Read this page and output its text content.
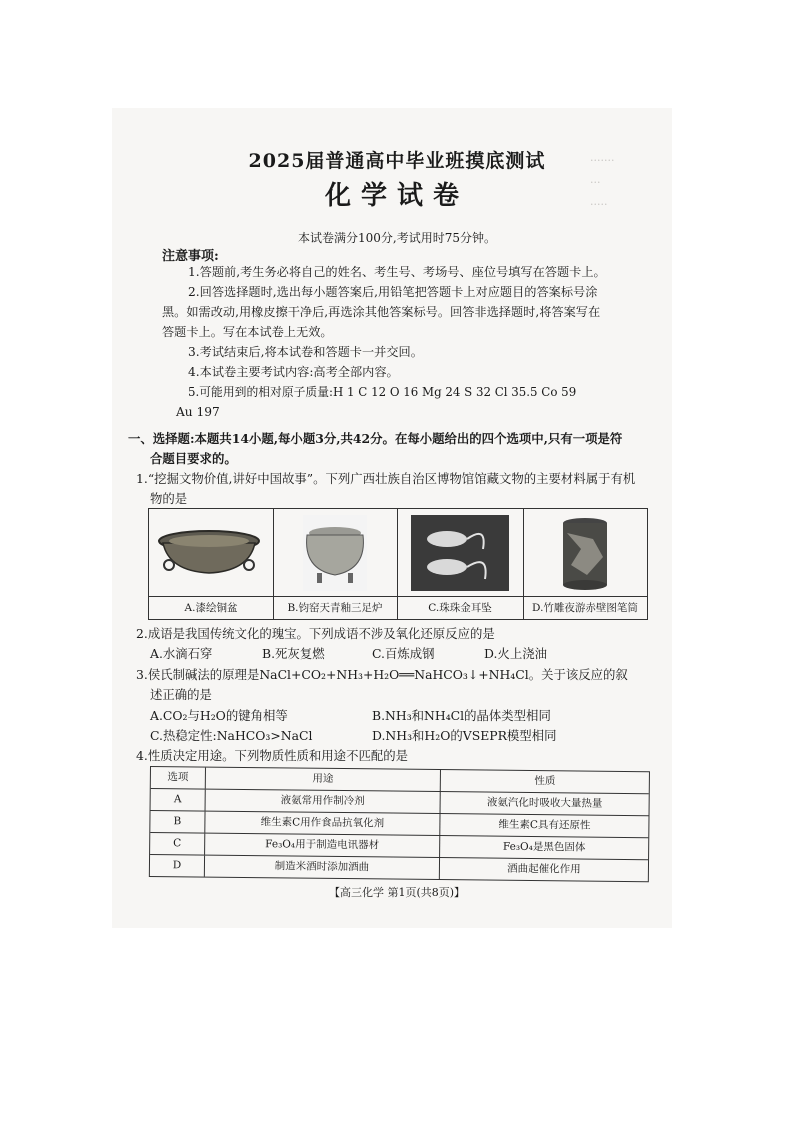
·······
···
·····
2025届普通高中毕业班摸底测试
化学试卷
本试卷满分100分,考试用时75分钟。
注意事项:
1.答题前,考生务必将自己的姓名、考生号、考场号、座位号填写在答题卡上。
2.回答选择题时,选出每小题答案后,用铅笔把答题卡上对应题目的答案标号涂
黑。如需改动,用橡皮擦干净后,再选涂其他答案标号。回答非选择题时,将答案写在
答题卡上。写在本试卷上无效。
3.考试结束后,将本试卷和答题卡一并交回。
4.本试卷主要考试内容:高考全部内容。
5.可能用到的相对原子质量:H 1 C 12 O 16 Mg 24 S 32 Cl 35.5 Co 59
Au 197
一、选择题:本题共14小题,每小题3分,共42分。在每小题给出的四个选项中,只有一项是符
合题目要求的。
1.“挖掘文物价值,讲好中国故事”。下列广西壮族自治区博物馆馆藏文物的主要材料属于有机
物的是
A.漆绘铜盆	B.钧窑天青釉三足炉	C.珠珠金耳坠	D.竹雕夜游赤壁图笔筒
2.成语是我国传统文化的瑰宝。下列成语不涉及氧化还原反应的是
A.水滴石穿	B.死灰复燃	C.百炼成钢	D.火上浇油
3.侯氏制碱法的原理是NaCl+CO₂+NH₃+H₂O══NaHCO₃↓+NH₄Cl。关于该反应的叙
述正确的是
A.CO₂与H₂O的键角相等	B.NH₃和NH₄Cl的晶体类型相同
C.热稳定性:NaHCO₃>NaCl	D.NH₃和H₂O的VSEPR模型相同
4.性质决定用途。下列物质性质和用途不匹配的是
选项	用途	性质
A	液氨常用作制冷剂	液氨汽化时吸收大量热量
B	维生素C用作食品抗氧化剂	维生素C具有还原性
C	Fe₃O₄用于制造电讯器材	Fe₃O₄是黑色固体
D	制造米酒时添加酒曲	酒曲起催化作用
【高三化学 第1页(共8页)】
